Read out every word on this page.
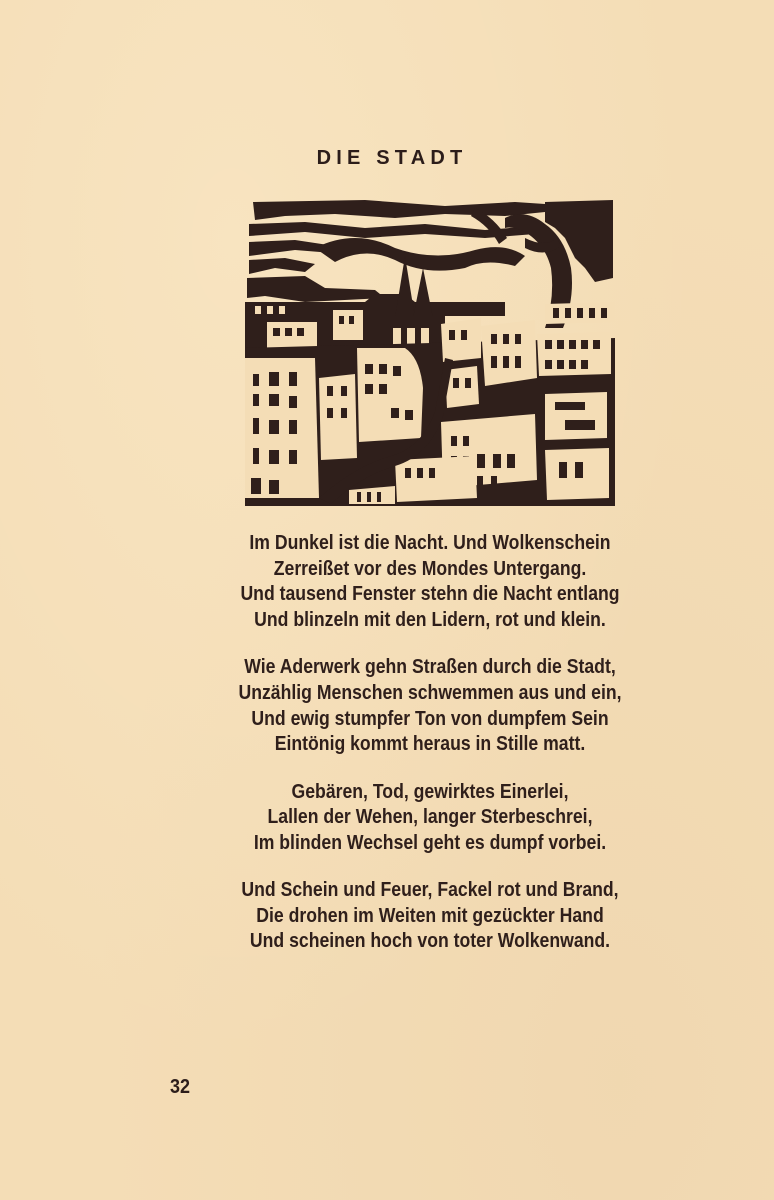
DIE STADT
Im Dunkel ist die Nacht. Und Wolkenschein
Zerreißet vor des Mondes Untergang.
Und tausend Fenster stehn die Nacht entlang
Und blinzeln mit den Lidern, rot und klein.
Wie Aderwerk gehn Straßen durch die Stadt,
Unzählig Menschen schwemmen aus und ein,
Und ewig stumpfer Ton von dumpfem Sein
Eintönig kommt heraus in Stille matt.
Gebären, Tod, gewirktes Einerlei,
Lallen der Wehen, langer Sterbeschrei,
Im blinden Wechsel geht es dumpf vorbei.
Und Schein und Feuer, Fackel rot und Brand,
Die drohen im Weiten mit gezückter Hand
Und scheinen hoch von toter Wolkenwand.
32
